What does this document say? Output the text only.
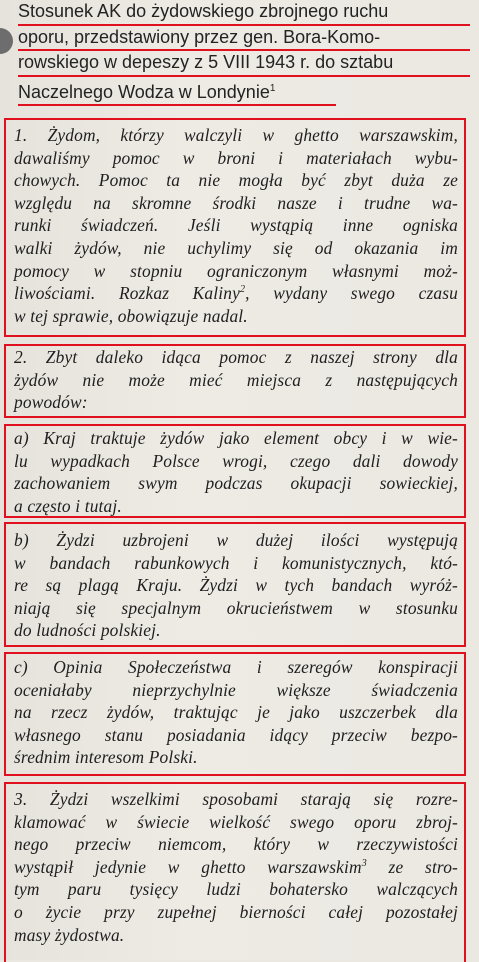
Stosunek AK do żydowskiego zbrojnego ruchu
oporu, przedstawiony przez gen. Bora-Komo-
rowskiego w depeszy z 5 VIII 1943 r. do sztabu
Naczelnego Wodza w Londynie$^1$
1. Żydom, którzy walczyli w ghetto warszawskim,
dawaliśmy pomoc w broni i materiałach wybu-
chowych. Pomoc ta nie mogła być zbyt duża ze
względu na skromne środki nasze i trudne wa-
runki świadczeń. Jeśli wystąpią inne ogniska
walki żydów, nie uchylimy się od okazania im
pomocy w stopniu ograniczonym własnymi moż-
liwościami. Rozkaz Kaliny$^2$, wydany swego czasu
w tej sprawie, obowiązuje nadal.
2. Zbyt daleko idąca pomoc z naszej strony dla
żydów nie może mieć miejsca z następujących
powodów:
a) Kraj traktuje żydów jako element obcy i w wie-
lu wypadkach Polsce wrogi, czego dali dowody
zachowaniem swym podczas okupacji sowieckiej,
a często i tutaj.
b) Żydzi uzbrojeni w dużej ilości występują
w bandach rabunkowych i komunistycznych, któ-
re są plagą Kraju. Żydzi w tych bandach wyróż-
niają się specjalnym okrucieństwem w stosunku
do ludności polskiej.
c) Opinia Społeczeństwa i szeregów konspiracji
oceniałaby nieprzychylnie większe świadczenia
na rzecz żydów, traktując je jako uszczerbek dla
własnego stanu posiadania idący przeciw bezpo-
średnim interesom Polski.
3. Żydzi wszelkimi sposobami starają się rozre-
klamować w świecie wielkość swego oporu zbroj-
nego przeciw niemcom, który w rzeczywistości
wystąpił jedynie w ghetto warszawskim$^3$ ze stro-
tym paru tysięcy ludzi bohatersko walczących
o życie przy zupełnej bierności całej pozostałej
masy żydostwa.
